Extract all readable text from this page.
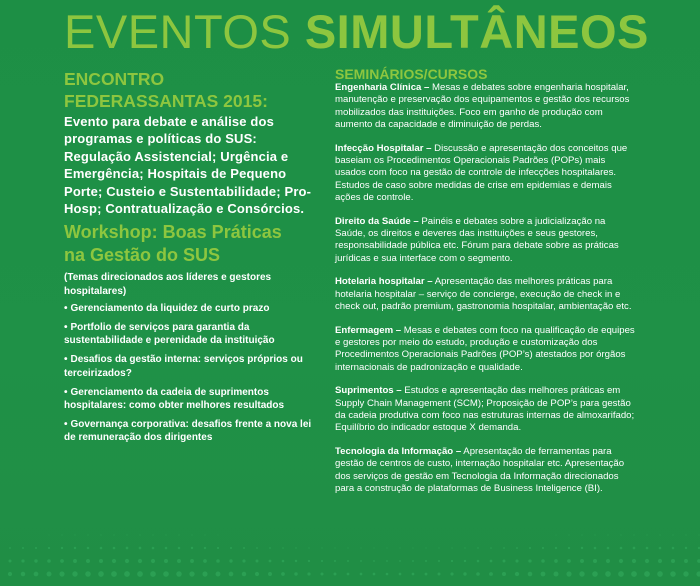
EVENTOS SIMULTÂNEOS
ENCONTRO
FEDERASSANTAS 2015:
Evento para debate e análise dos programas e políticas do SUS: Regulação Assistencial; Urgência e Emergência; Hospitais de Pequeno Porte; Custeio e Sustentabilidade; Pro-Hosp; Contratualização e Consórcios.
Workshop: Boas Práticas
na Gestão do SUS
(Temas direcionados aos líderes e gestores hospitalares)
• Gerenciamento da liquidez de curto prazo
• Portfolio de serviços para garantia da sustentabilidade e perenidade da instituição
• Desafios da gestão interna: serviços próprios ou terceirizados?
• Gerenciamento da cadeia de suprimentos hospitalares: como obter melhores resultados
• Governança corporativa: desafios frente a nova lei de remuneração dos dirigentes
SEMINÁRIOS/CURSOS
Engenharia Clínica – Mesas e debates sobre engenharia hospitalar, manutenção e preservação dos equipamentos e gestão dos recursos mobilizados das instituições. Foco em ganho de produção com aumento da capacidade e diminuição de perdas.
Infecção Hospitalar – Discussão e apresentação dos conceitos que baseiam os Procedimentos Operacionais Padrões (POPs) mais usados com foco na gestão de controle de infecções hospitalares. Estudos de caso sobre medidas de crise em epidemias e demais ações de controle.
Direito da Saúde – Painéis e debates sobre a judicialização na Saúde, os direitos e deveres das instituições e seus gestores, responsabilidade pública etc. Fórum para debate sobre as práticas jurídicas e sua interface com o segmento.
Hotelaria hospitalar – Apresentação das melhores práticas para hotelaria hospitalar – serviço de concierge, execução de check in e check out, padrão premium, gastronomia hospitalar, ambientação etc.
Enfermagem – Mesas e debates com foco na qualificação de equipes e gestores por meio do estudo, produção e customização dos Procedimentos Operacionais Padrões (POP’s) atestados por órgãos internacionais de padronização e qualidade.
Suprimentos – Estudos e apresentação das melhores práticas em Supply Chain Management (SCM); Proposição de POP’s para gestão da cadeia produtiva com foco nas estruturas internas de almoxarifado; Equilíbrio do indicador estoque X demanda.
Tecnologia da Informação – Apresentação de ferramentas para gestão de centros de custo, internação hospitalar etc. Apresentação dos serviços de gestão em Tecnologia da Informação direcionados para a construção de plataformas de Business Inteligence (BI).
